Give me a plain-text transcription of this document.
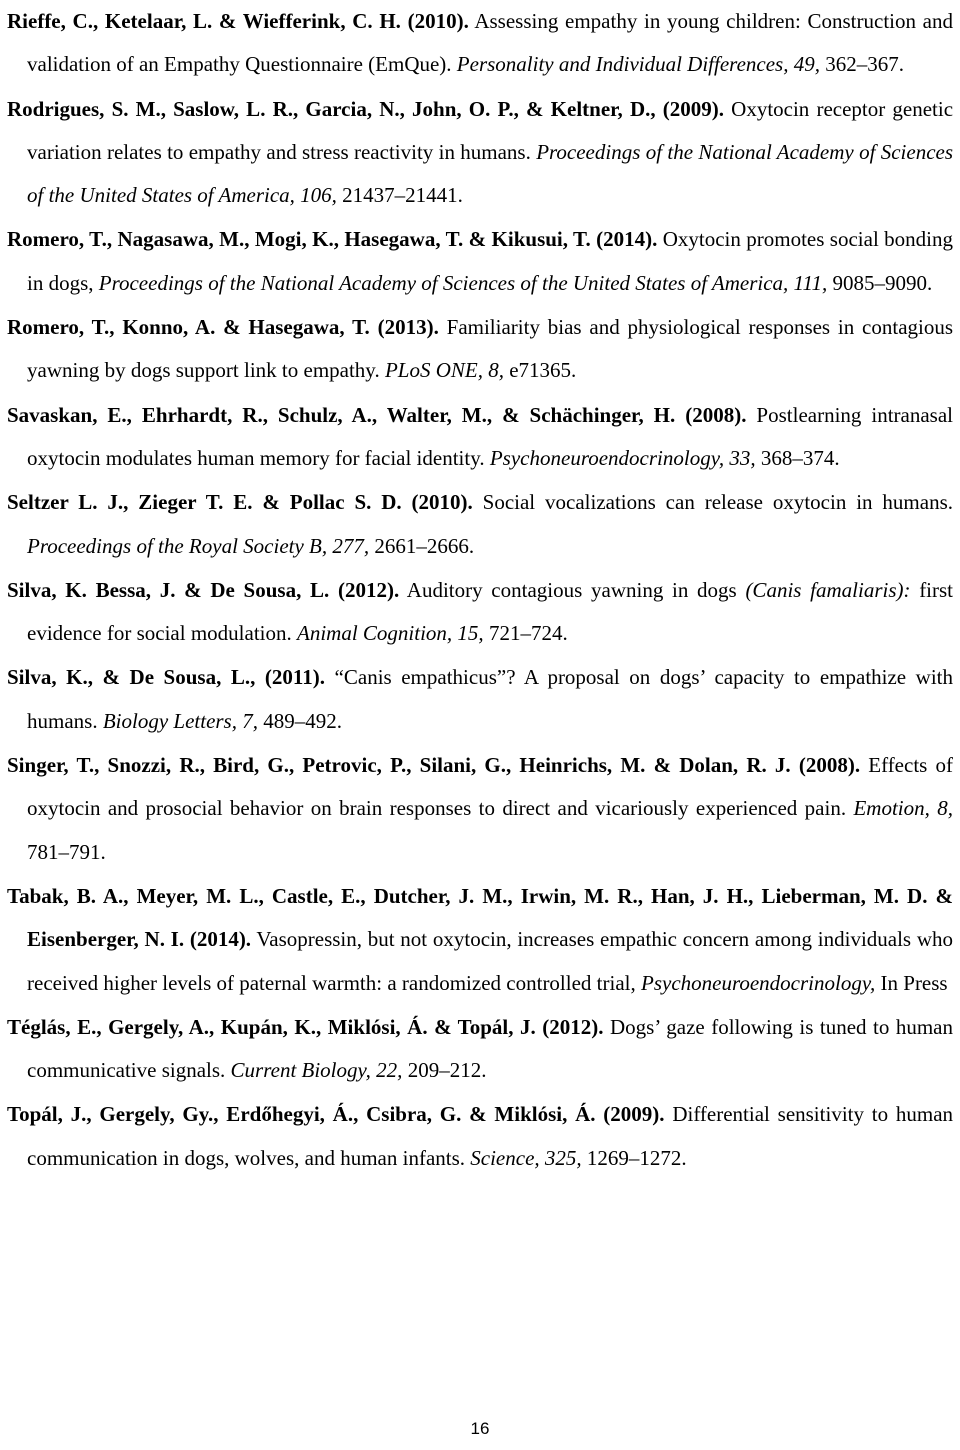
Rieffe, C., Ketelaar, L. & Wiefferink, C. H. (2010). Assessing empathy in young children: Construction and validation of an Empathy Questionnaire (EmQue). Personality and Individual Differences, 49, 362–367.
Rodrigues, S. M., Saslow, L. R., Garcia, N., John, O. P., & Keltner, D., (2009). Oxytocin receptor genetic variation relates to empathy and stress reactivity in humans. Proceedings of the National Academy of Sciences of the United States of America, 106, 21437–21441.
Romero, T., Nagasawa, M., Mogi, K., Hasegawa, T. & Kikusui, T. (2014). Oxytocin promotes social bonding in dogs, Proceedings of the National Academy of Sciences of the United States of America, 111, 9085–9090.
Romero, T., Konno, A. & Hasegawa, T. (2013). Familiarity bias and physiological responses in contagious yawning by dogs support link to empathy. PLoS ONE, 8, e71365.
Savaskan, E., Ehrhardt, R., Schulz, A., Walter, M., & Schächinger, H. (2008). Postlearning intranasal oxytocin modulates human memory for facial identity. Psychoneuroendocrinology, 33, 368–374.
Seltzer L. J., Zieger T. E. & Pollac S. D. (2010). Social vocalizations can release oxytocin in humans. Proceedings of the Royal Society B, 277, 2661–2666.
Silva, K. Bessa, J. & De Sousa, L. (2012). Auditory contagious yawning in dogs (Canis famaliaris): first evidence for social modulation. Animal Cognition, 15, 721–724.
Silva, K., & De Sousa, L., (2011). “Canis empathicus”? A proposal on dogs’ capacity to empathize with humans. Biology Letters, 7, 489–492.
Singer, T., Snozzi, R., Bird, G., Petrovic, P., Silani, G., Heinrichs, M. & Dolan, R. J. (2008). Effects of oxytocin and prosocial behavior on brain responses to direct and vicariously experienced pain. Emotion, 8, 781–791.
Tabak, B. A., Meyer, M. L., Castle, E., Dutcher, J. M., Irwin, M. R., Han, J. H., Lieberman, M. D. & Eisenberger, N. I. (2014). Vasopressin, but not oxytocin, increases empathic concern among individuals who received higher levels of paternal warmth: a randomized controlled trial, Psychoneuroendocrinology, In Press
Téglás, E., Gergely, A., Kupán, K., Miklósi, Á. & Topál, J. (2012). Dogs’ gaze following is tuned to human communicative signals. Current Biology, 22, 209–212.
Topál, J., Gergely, Gy., Erdőhegyi, Á., Csibra, G. & Miklósi, Á. (2009). Differential sensitivity to human communication in dogs, wolves, and human infants. Science, 325, 1269–1272.
16
